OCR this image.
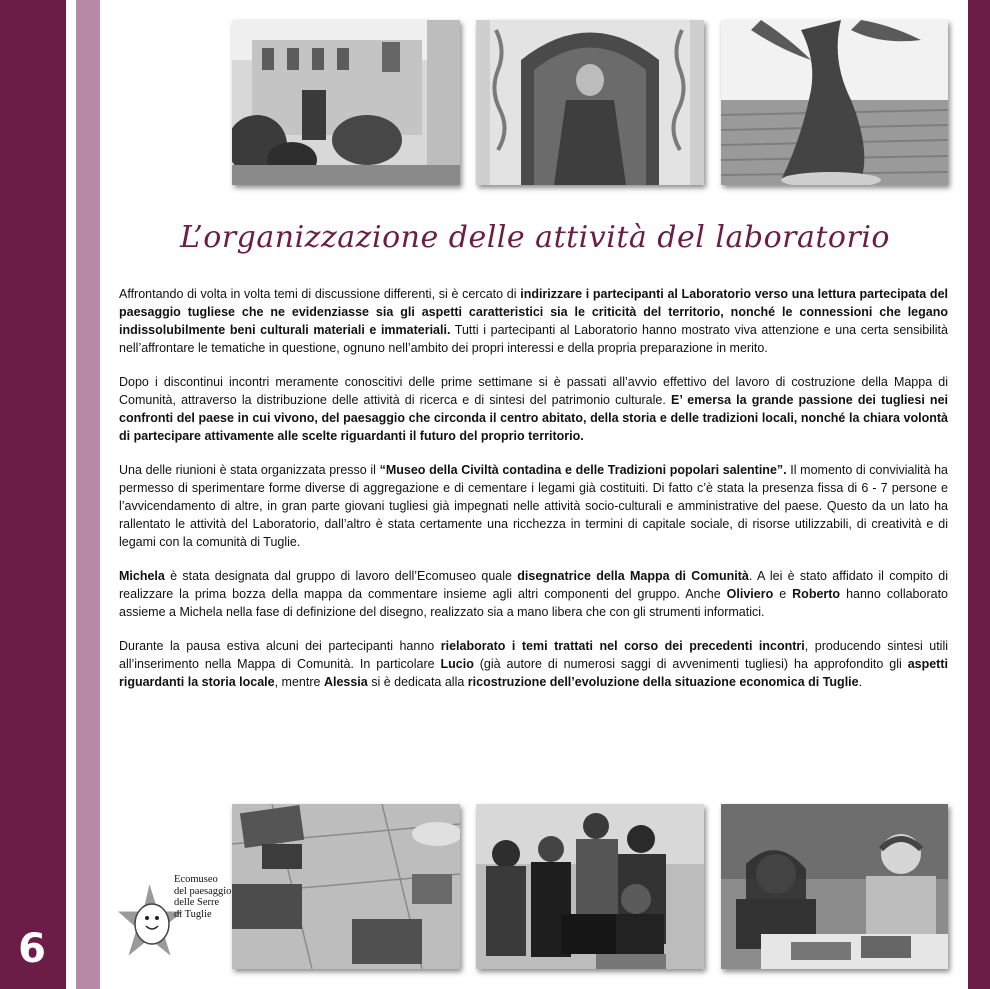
6
L’organizzazione delle attività del laboratorio

Affrontando di volta in volta temi di discussione differenti, si è cercato di indirizzare i partecipanti al Laboratorio verso una lettura partecipata del paesaggio tugliese che ne evidenziasse sia gli aspetti caratteristici sia le criticità del territorio, nonché le connessioni che legano indissolubilmente beni culturali materiali e immateriali. Tutti i partecipanti al Laboratorio hanno mostrato viva attenzione e una certa sensibilità nell’affrontare le tematiche in questione, ognuno nell’ambito dei propri interessi e della propria preparazione in merito.

Dopo i discontinui incontri meramente conoscitivi delle prime settimane si è passati all’avvio effettivo del lavoro di costruzione della Mappa di Comunità, attraverso la distribuzione delle attività di ricerca e di sintesi del patrimonio culturale. E’ emersa la grande passione dei tugliesi nei confronti del paese in cui vivono, del paesaggio che circonda il centro abitato, della storia e delle tradizioni locali, nonché la chiara volontà di partecipare attivamente alle scelte riguardanti il futuro del proprio territorio.

Una delle riunioni è stata organizzata presso il “Museo della Civiltà contadina e delle Tradizioni popolari salentine”. Il momento di convivialità ha permesso di sperimentare forme diverse di aggregazione e di cementare i legami già costituiti. Di fatto c’è stata la presenza fissa di 6 - 7 persone e l’avvicendamento di altre, in gran parte giovani tugliesi già impegnati nelle attività socio-culturali e amministrative del paese. Questo da un lato ha rallentato le attività del Laboratorio, dall’altro è stata certamente una ricchezza in termini di capitale sociale, di risorse utilizzabili, di creatività e di legami con la comunità di Tuglie.

Michela è stata designata dal gruppo di lavoro dell’Ecomuseo quale disegnatrice della Mappa di Comunità. A lei è stato affidato il compito di realizzare la prima bozza della mappa da commentare insieme agli altri componenti del gruppo. Anche Oliviero e Roberto hanno collaborato assieme a Michela nella fase di definizione del disegno, realizzato sia a mano libera che con gli strumenti informatici.

Durante la pausa estiva alcuni dei partecipanti hanno rielaborato i temi trattati nel corso dei precedenti incontri, producendo sintesi utili all’inserimento nella Mappa di Comunità. In particolare Lucio (già autore di numerosi saggi di avvenimenti tugliesi) ha approfondito gli aspetti riguardanti la storia locale, mentre Alessia si è dedicata alla ricostruzione dell’evoluzione della situazione economica di Tuglie.

Ecomuseo
del paesaggio
delle Serre
di Tuglie
